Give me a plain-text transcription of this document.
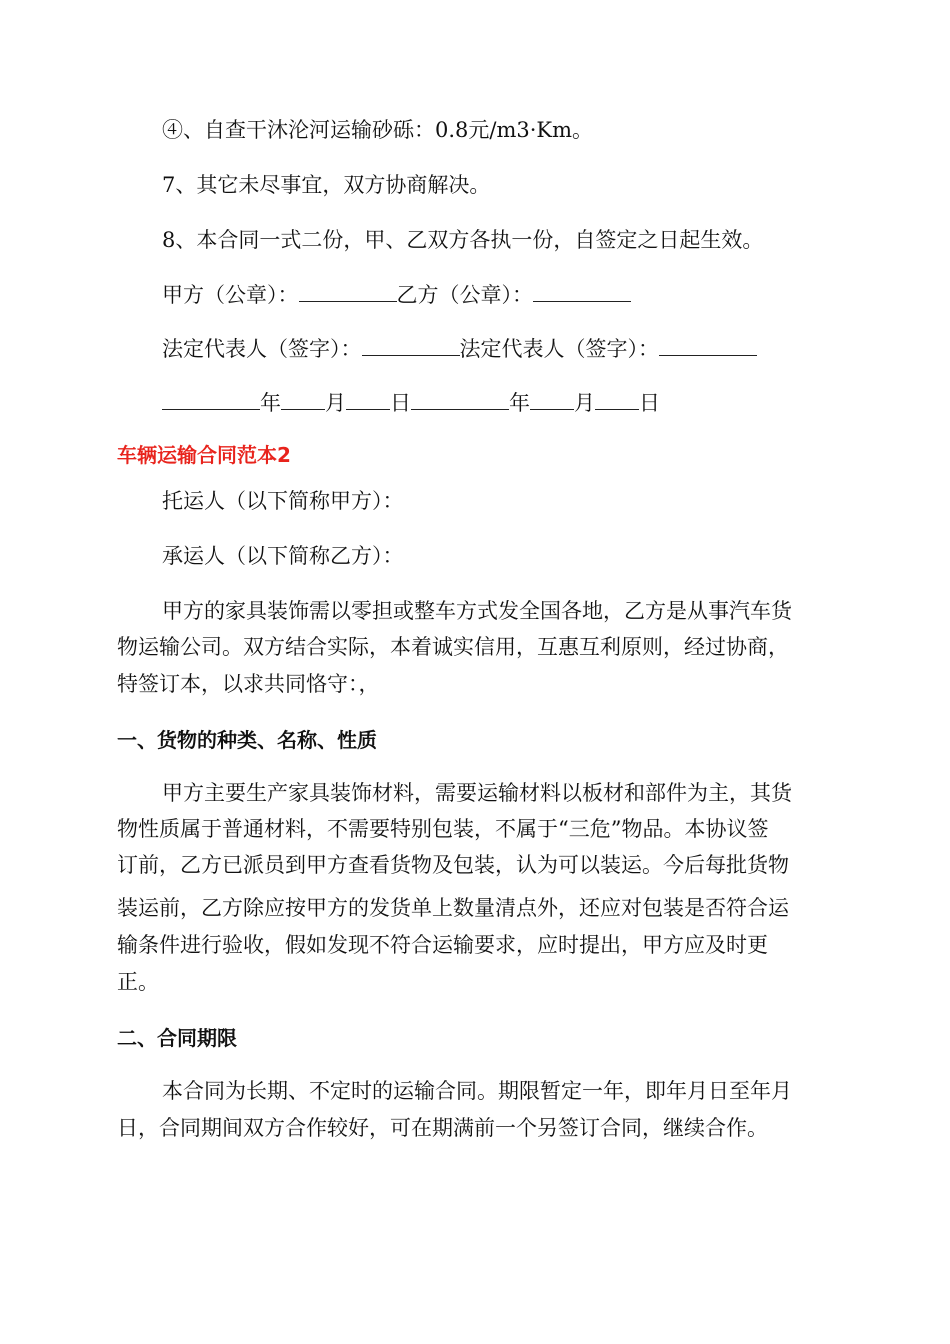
④、自查干沐沦河运输砂砾：0.8元/m3·Km。
7、其它未尽事宜，双方协商解决。
8、本合同一式二份，甲、乙双方各执一份，自签定之日起生效。
甲方（公章）：	乙方（公章）：
法定代表人（签字）：	法定代表人（签字）：
年 月 日	年 月 日
车辆运输合同范本2
托运人（以下简称甲方）：
承运人（以下简称乙方）：
甲方的家具装饰需以零担或整车方式发全国各地，乙方是从事汽车货
物运输公司。双方结合实际，本着诚实信用，互惠互利原则，经过协商，
特签订本，以求共同恪守：，
一、货物的种类、名称、性质
甲方主要生产家具装饰材料，需要运输材料以板材和部件为主，其货
物性质属于普通材料，不需要特别包装，不属于“三危”物品。本协议签
订前，乙方已派员到甲方查看货物及包装，认为可以装运。今后每批货物
装运前，乙方除应按甲方的发货单上数量清点外，还应对包装是否符合运
输条件进行验收，假如发现不符合运输要求，应时提出，甲方应及时更
正。
二、合同期限
本合同为长期、不定时的运输合同。期限暂定一年，即年月日至年月
日，合同期间双方合作较好，可在期满前一个另签订合同，继续合作。
